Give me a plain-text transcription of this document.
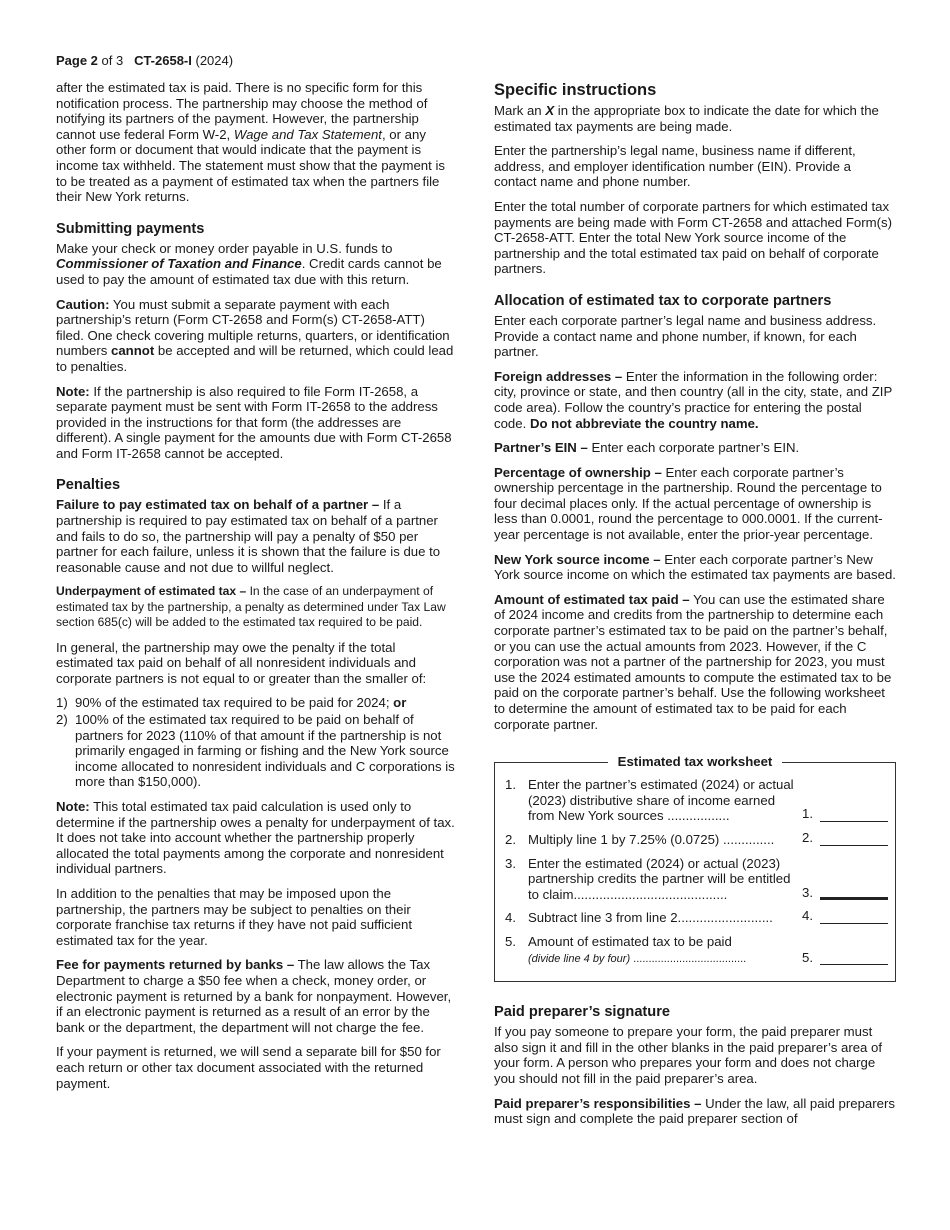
Page 2 of 3 CT-2658-I (2024)

after the estimated tax is paid. There is no specific form for this notification process. The partnership may choose the method of notifying its partners of the payment. However, the partnership cannot use federal Form W-2, Wage and Tax Statement, or any other form or document that would indicate that the payment is income tax withheld. The statement must show that the payment is to be treated as a payment of estimated tax when the partners file their New York returns.

Submitting payments

Make your check or money order payable in U.S. funds to Commissioner of Taxation and Finance. Credit cards cannot be used to pay the amount of estimated tax due with this return.

Caution: You must submit a separate payment with each partnership’s return (Form CT-2658 and Form(s) CT-2658-ATT) filed. One check covering multiple returns, quarters, or identification numbers cannot be accepted and will be returned, which could lead to penalties.

Note: If the partnership is also required to file Form IT-2658, a separate payment must be sent with Form IT-2658 to the address provided in the instructions for that form (the addresses are different). A single payment for the amounts due with Form CT-2658 and Form IT-2658 cannot be accepted.

Penalties

Failure to pay estimated tax on behalf of a partner – If a partnership is required to pay estimated tax on behalf of a partner and fails to do so, the partnership will pay a penalty of $50 per partner for each failure, unless it is shown that the failure is due to reasonable cause and not due to willful neglect.

Underpayment of estimated tax – In the case of an underpayment of estimated tax by the partnership, a penalty as determined under Tax Law section 685(c) will be added to the estimated tax required to be paid.

In general, the partnership may owe the penalty if the total estimated tax paid on behalf of all nonresident individuals and corporate partners is not equal to or greater than the smaller of:

1) 90% of the estimated tax required to be paid for 2024; or
2) 100% of the estimated tax required to be paid on behalf of partners for 2023 (110% of that amount if the partnership is not primarily engaged in farming or fishing and the New York source income allocated to nonresident individuals and C corporations is more than $150,000).

Note: This total estimated tax paid calculation is used only to determine if the partnership owes a penalty for underpayment of tax. It does not take into account whether the partnership properly allocated the total payments among the corporate and nonresident individual partners.

In addition to the penalties that may be imposed upon the partnership, the partners may be subject to penalties on their corporate franchise tax returns if they have not paid sufficient estimated tax for the year.

Fee for payments returned by banks – The law allows the Tax Department to charge a $50 fee when a check, money order, or electronic payment is returned by a bank for nonpayment. However, if an electronic payment is returned as a result of an error by the bank or the department, the department will not charge the fee.

If your payment is returned, we will send a separate bill for $50 for each return or other tax document associated with the returned payment.

Specific instructions

Mark an X in the appropriate box to indicate the date for which the estimated tax payments are being made.

Enter the partnership’s legal name, business name if different, address, and employer identification number (EIN). Provide a contact name and phone number.

Enter the total number of corporate partners for which estimated tax payments are being made with Form CT-2658 and attached Form(s) CT-2658-ATT. Enter the total New York source income of the partnership and the total estimated tax paid on behalf of corporate partners.

Allocation of estimated tax to corporate partners

Enter each corporate partner’s legal name and business address. Provide a contact name and phone number, if known, for each partner.

Foreign addresses – Enter the information in the following order: city, province or state, and then country (all in the city, state, and ZIP code area). Follow the country’s practice for entering the postal code. Do not abbreviate the country name.

Partner’s EIN – Enter each corporate partner’s EIN.

Percentage of ownership – Enter each corporate partner’s ownership percentage in the partnership. Round the percentage to four decimal places only. If the actual percentage of ownership is less than 0.0001, round the percentage to 000.0001. If the current-year percentage is not available, enter the prior-year percentage.

New York source income – Enter each corporate partner’s New York source income on which the estimated tax payments are based.

Amount of estimated tax paid – You can use the estimated share of 2024 income and credits from the partnership to determine each corporate partner’s estimated tax to be paid on the partner’s behalf, or you can use the actual amounts from 2023. However, if the C corporation was not a partner of the partnership for 2023, you must use the 2024 estimated amounts to compute the estimated tax to be paid on the corporate partner’s behalf. Use the following worksheet to determine the amount of estimated tax to be paid for each corporate partner.

Estimated tax worksheet
1. Enter the partner’s estimated (2024) or actual (2023) distributive share of income earned from New York sources .................	1.
2. Multiply line 1 by 7.25% (0.0725) .............. 2.
3. Enter the estimated (2024) or actual (2023) partnership credits the partner will be entitled to claim..........................................	3.
4. Subtract line 3 from line 2.......................... 4.
5. Amount of estimated tax to be paid
(divide line 4 by four) .....................................	5.
Paid preparer’s signature

If you pay someone to prepare your form, the paid preparer must also sign it and fill in the other blanks in the paid preparer’s area of your form. A person who prepares your form and does not charge you should not fill in the paid preparer’s area.

Paid preparer’s responsibilities – Under the law, all paid preparers must sign and complete the paid preparer section of
